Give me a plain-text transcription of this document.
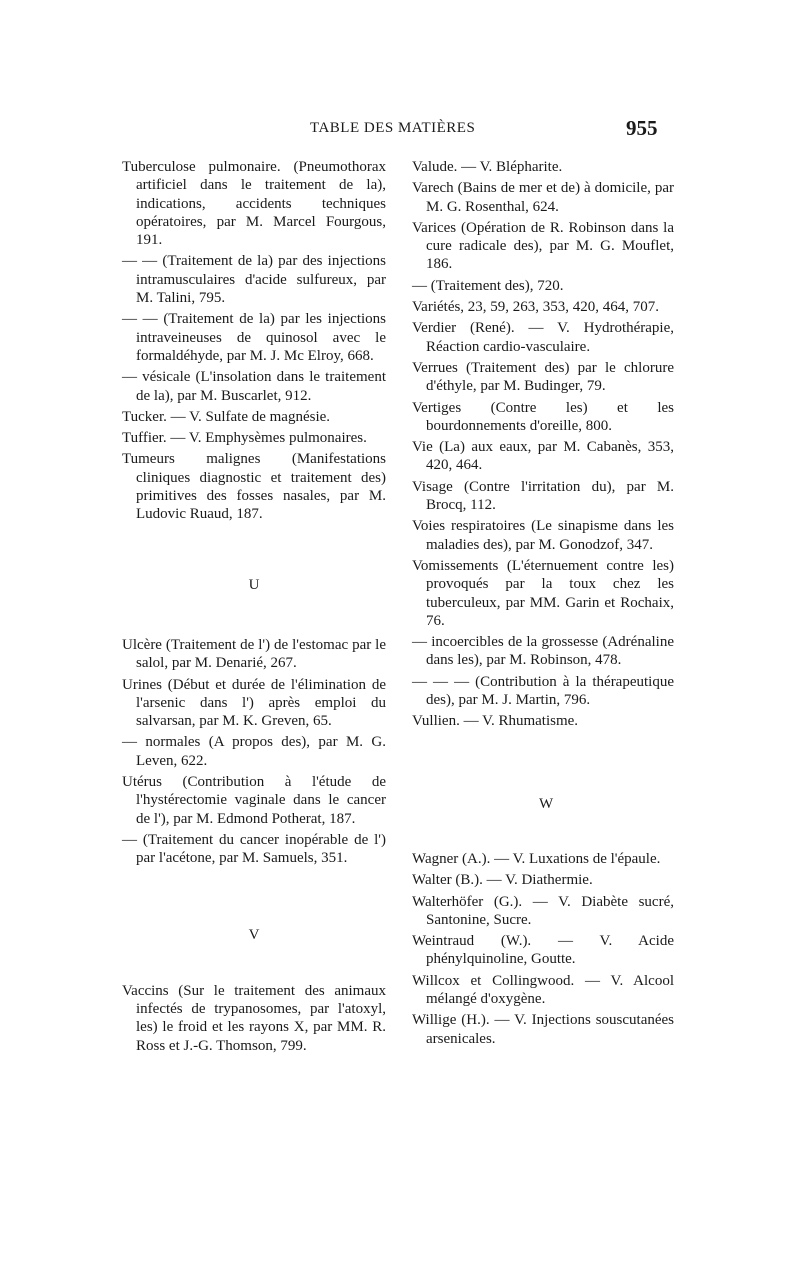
TABLE DES MATIÈRES	955

Tuberculose pulmonaire. (Pneumothorax artificiel dans le traitement de la), indications, accidents techniques opératoires, par M. Marcel Fourgous, 191.

— — (Traitement de la) par des injections intramusculaires d'acide sulfureux, par M. Talini, 795.

— — (Traitement de la) par les injections intraveineuses de quinosol avec le formaldéhyde, par M. J. Mc Elroy, 668.

— vésicale (L'insolation dans le traitement de la), par M. Buscarlet, 912.

Tucker. — V. Sulfate de magnésie.

Tuffier. — V. Emphysèmes pulmonaires.

Tumeurs malignes (Manifestations cliniques diagnostic et traitement des) primitives des fosses nasales, par M. Ludovic Ruaud, 187.

U

Ulcère (Traitement de l') de l'estomac par le salol, par M. Denarié, 267.

Urines (Début et durée de l'élimination de l'arsenic dans l') après emploi du salvarsan, par M. K. Greven, 65.

— normales (A propos des), par M. G. Leven, 622.

Utérus (Contribution à l'étude de l'hystérectomie vaginale dans le cancer de l'), par M. Edmond Potherat, 187.

— (Traitement du cancer inopérable de l') par l'acétone, par M. Samuels, 351.

V

Vaccins (Sur le traitement des animaux infectés de trypanosomes, par l'atoxyl, les) le froid et les rayons X, par MM. R. Ross et J.-G. Thomson, 799.

Valude. — V. Blépharite.

Varech (Bains de mer et de) à domicile, par M. G. Rosenthal, 624.

Varices (Opération de R. Robinson dans la cure radicale des), par M. G. Mouflet, 186.

— (Traitement des), 720.

Variétés, 23, 59, 263, 353, 420, 464, 707.

Verdier (René). — V. Hydrothérapie, Réaction cardio-vasculaire.

Verrues (Traitement des) par le chlorure d'éthyle, par M. Budinger, 79.

Vertiges (Contre les) et les bourdonnements d'oreille, 800.

Vie (La) aux eaux, par M. Cabanès, 353, 420, 464.

Visage (Contre l'irritation du), par M. Brocq, 112.

Voies respiratoires (Le sinapisme dans les maladies des), par M. Gonodzof, 347.

Vomissements (L'éternuement contre les) provoqués par la toux chez les tuberculeux, par MM. Garin et Rochaix, 76.

— incoercibles de la grossesse (Adrénaline dans les), par M. Robinson, 478.

— — — (Contribution à la thérapeutique des), par M. J. Martin, 796.

Vullien. — V. Rhumatisme.

W

Wagner (A.). — V. Luxations de l'épaule.

Walter (B.). — V. Diathermie.

Walterhöfer (G.). — V. Diabète sucré, Santonine, Sucre.

Weintraud (W.). — V. Acide phénylquinoline, Goutte.

Willcox et Collingwood. — V. Alcool mélangé d'oxygène.

Willige (H.). — V. Injections souscutanées arsenicales.
